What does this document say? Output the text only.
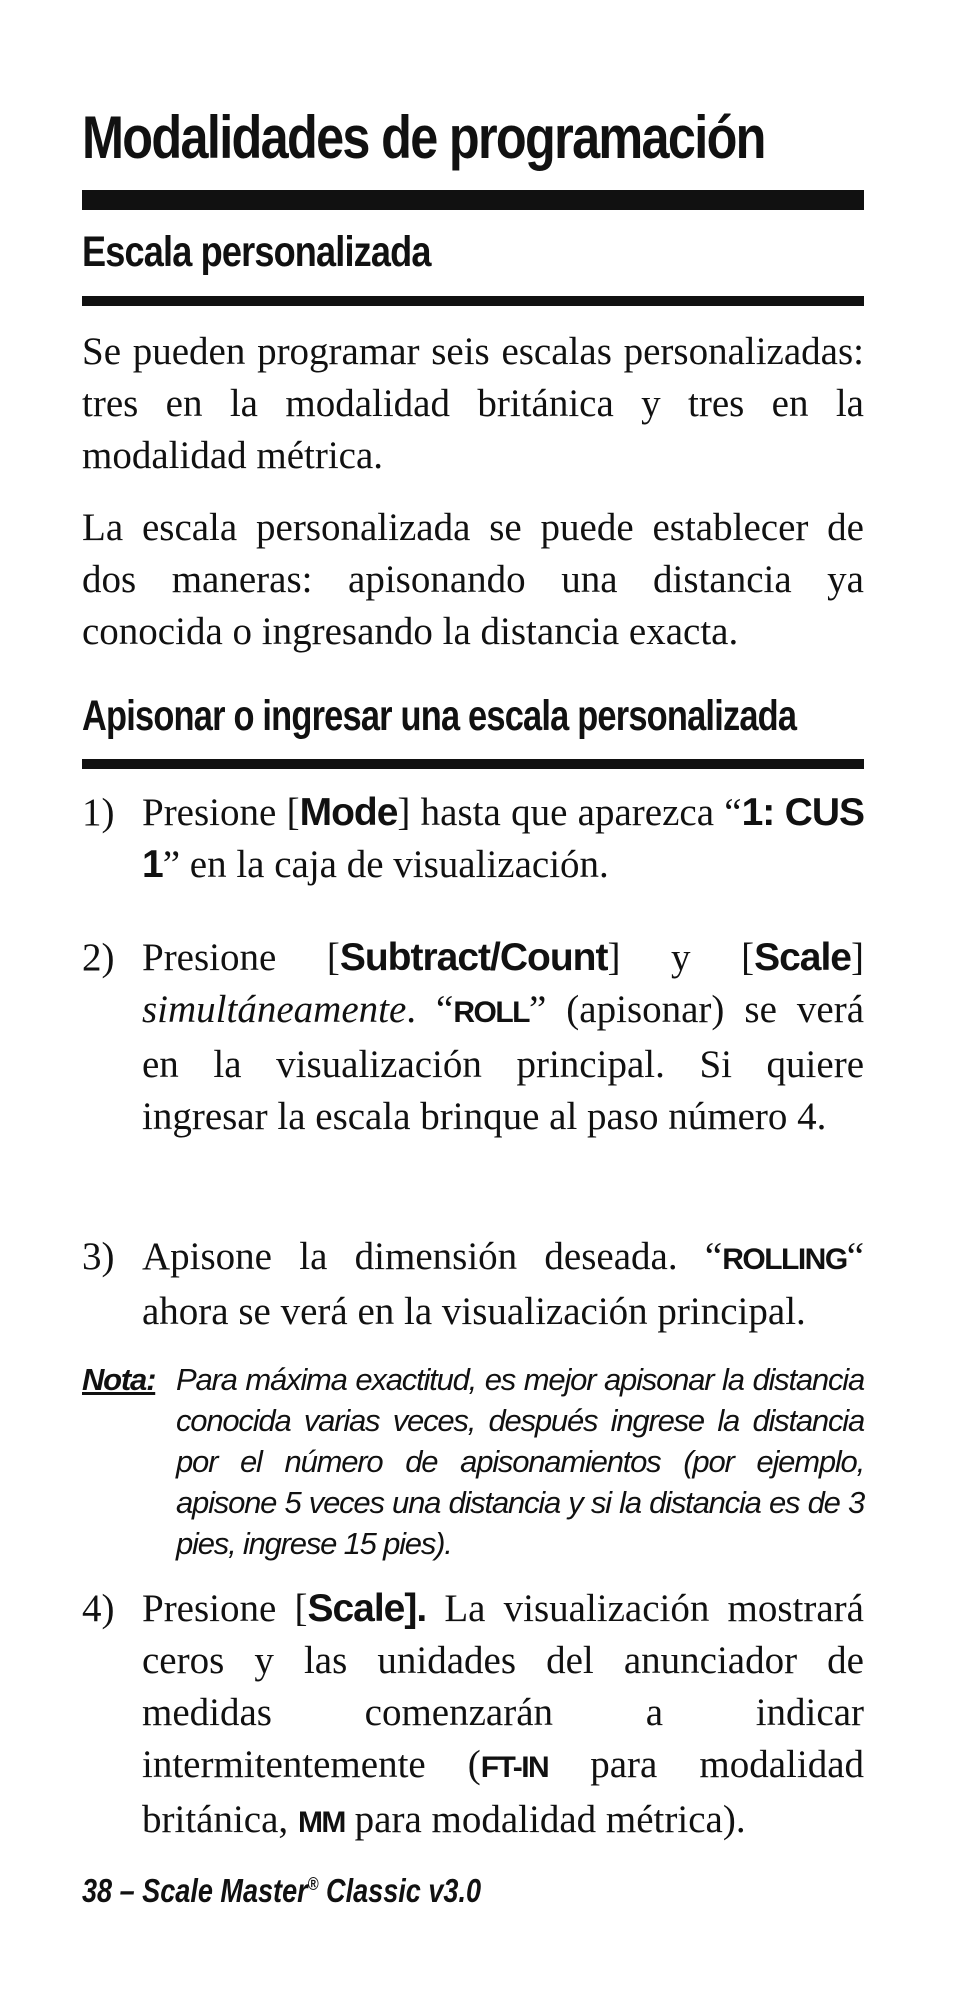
Modalidades de programación
Escala personalizada

Se pueden programar seis escalas personalizadas: tres en la modalidad británica y tres en la modalidad métrica.

La escala personalizada se puede establecer de dos maneras: apisonando una distancia ya conocida o ingresando la distancia exacta.

Apisonar o ingresar una escala personalizada
1) Presione [Mode] hasta que aparezca “1: CUS 1” en la caja de visualización.
2) Presione [Subtract/Count] y [Scale] simultáneamente. “ROLL” (apisonar) se verá en la visualización principal. Si quiere ingresar la escala brinque al paso número 4.
3) Apisone la dimensión deseada. “ROLLING“ ahora se verá en la visualización principal.
Nota: Para máxima exactitud, es mejor apisonar la distancia conocida varias veces, después ingrese la distancia por el número de apisonamientos (por ejemplo, apisone 5 veces una distancia y si la distancia es de 3 pies, ingrese 15 pies).
4) Presione [Scale]. La visualización mostrará ceros y las unidades del anunciador de medidas comenzarán a indicar intermitentemente (FT-IN para modalidad británica, MM para modalidad métrica).
38 – Scale Master® Classic v3.0
